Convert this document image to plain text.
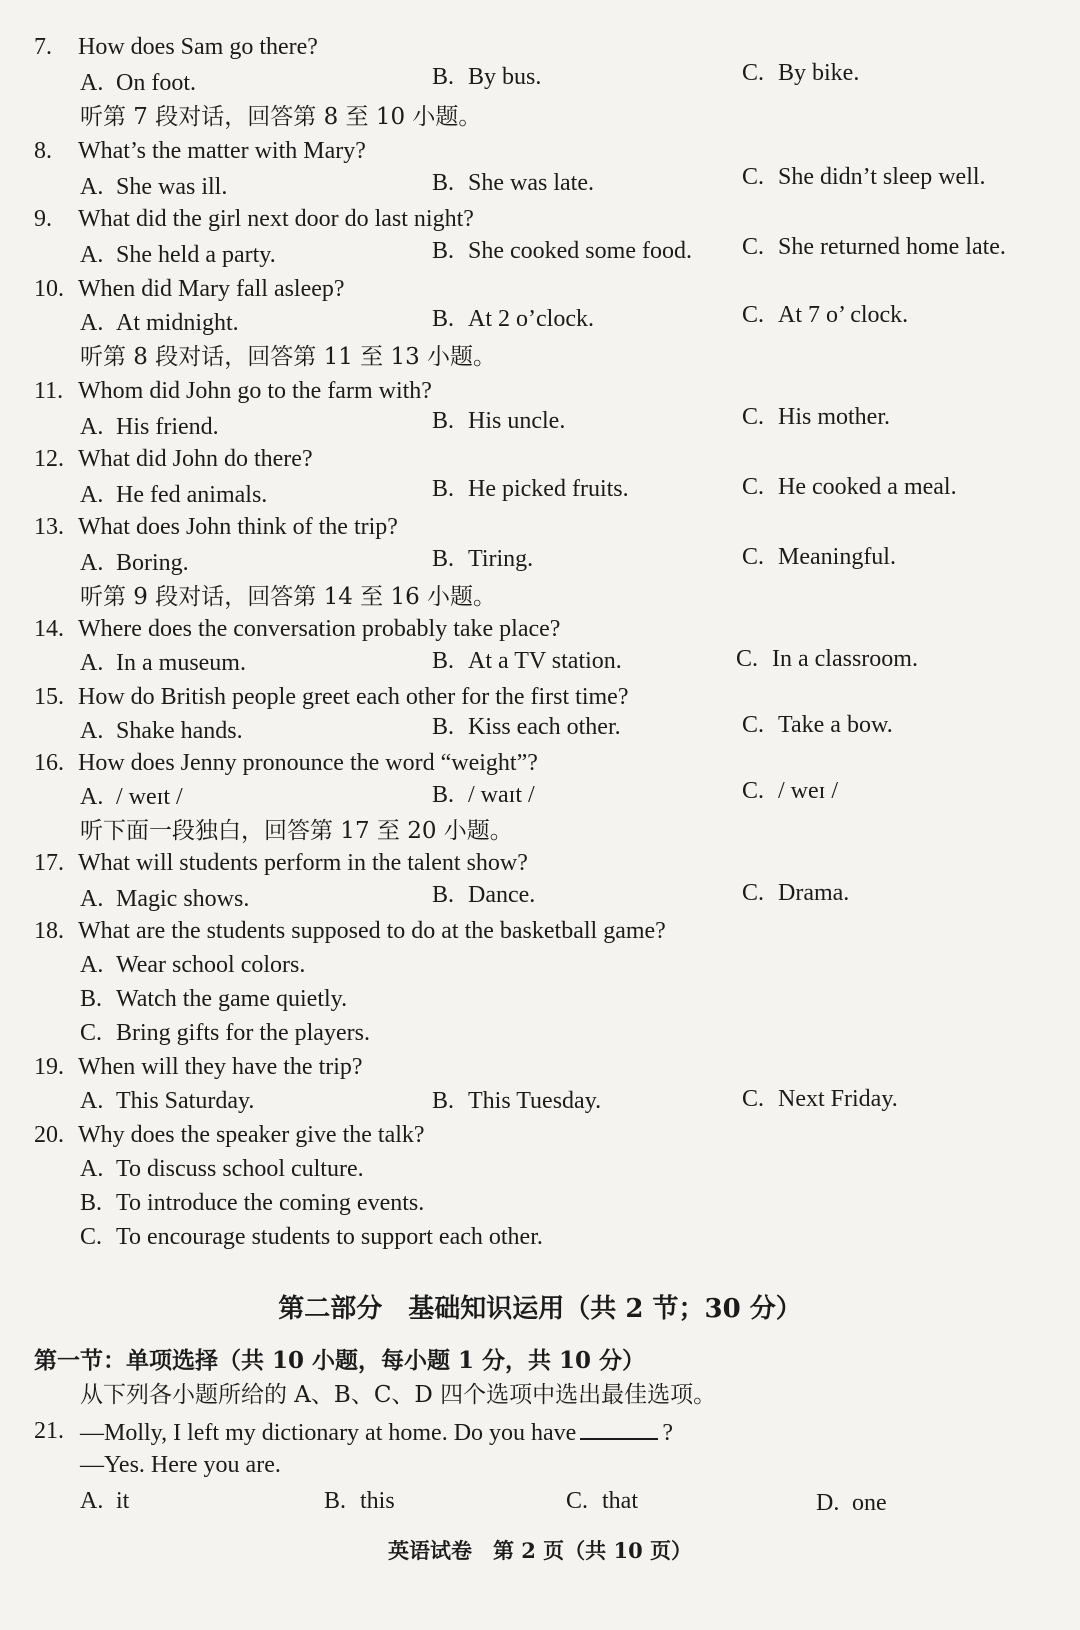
7. How does Sam go there?
A. On foot.	B. By bus.	C. By bike.
听第 7 段对话，回答第 8 至 10 小题。
8. What’s the matter with Mary?
A. She was ill.	B. She was late.	C. She didn’t sleep well.
9. What did the girl next door do last night?
A. She held a party.	B. She cooked some food. C. She returned home late.
10. When did Mary fall asleep?
A. At midnight.	B. At 2 o’clock.	C. At 7 o’ clock.
听第 8 段对话，回答第 11 至 13 小题。
11. Whom did John go to the farm with?
A. His friend.	B. His uncle.	C. His mother.
12. What did John do there?
A. He fed animals.	B. He picked fruits.	C. He cooked a meal.
13. What does John think of the trip?
A. Boring.	B. Tiring.	C. Meaningful.
听第 9 段对话，回答第 14 至 16 小题。
14. Where does the conversation probably take place?
A. In a museum.	B. At a TV station.	C. In a classroom.
15. How do British people greet each other for the first time?
A. Shake hands.	B. Kiss each other.	C. Take a bow.
16. How does Jenny pronounce the word “weight”?
A. / weɪt /	B. / waɪt /	C. / weɪ /
听下面一段独白，回答第 17 至 20 小题。
17. What will students perform in the talent show?
A. Magic shows.	B. Dance.	C. Drama.
18. What are the students supposed to do at the basketball game?
A. Wear school colors.
B. Watch the game quietly.
C. Bring gifts for the players.
19. When will they have the trip?
A. This Saturday.	B. This Tuesday.	C. Next Friday.
20. Why does the speaker give the talk?
A. To discuss school culture.
B. To introduce the coming events.
C. To encourage students to support each other.
第二部分　基础知识运用（共 2 节；30 分）
第一节：单项选择（共 10 小题，每小题 1 分，共 10 分）
从下列各小题所给的 A、B、C、D 四个选项中选出最佳选项。
21. —Molly, I left my dictionary at home. Do you have	?
—Yes. Here you are.
A. it	B. this	C. that	D. one
英语试卷　第 2 页（共 10 页）
